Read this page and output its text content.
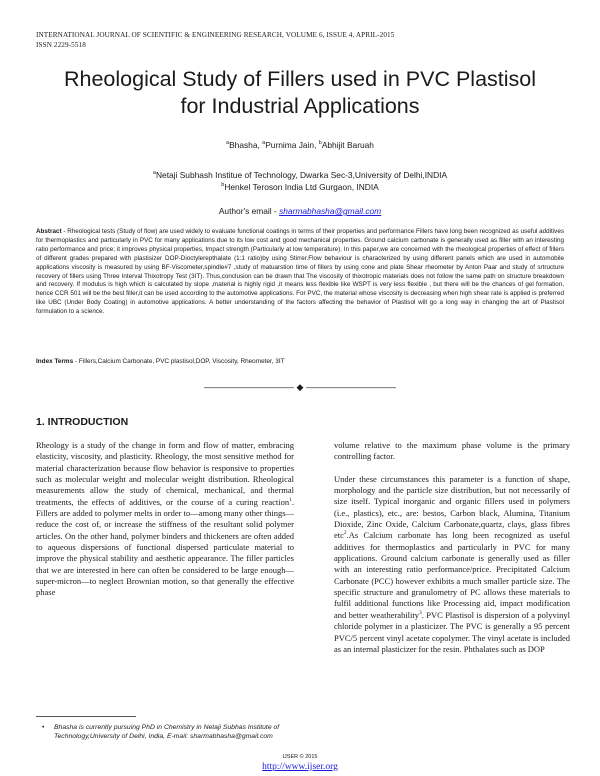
INTERNATIONAL JOURNAL OF SCIENTIFIC & ENGINEERING RESEARCH, VOLUME 6, ISSUE 4, APRIL-2015
ISSN 2229-5518
Rheological Study of Fillers used in PVC Plastisol
for Industrial Applications
$^a$Bhasha, $^a$Purnima Jain, $^b$Abhijit Baruah
$^a$Netaji Subhash Institue of Technology, Dwarka Sec-3,University of Delhi,INDIA
$^b$Henkel Teroson India Ltd Gurgaon, INDIA
Author's email - sharmabhasha@gmail.com
Abstract - Rheological tests (Study of flow) are used widely to evaluate functional coatings in terms of their properties and performance Fillers have long been recognized as useful additives for thermoplastics and particularly in PVC for many applications due to its low cost and good mechanical properties. Ground calcium carbonate is generally used as filler with an interesting ratio performance and price; it improves physical properties, Impact strength (Particularly at low temperature). In this paper,we are concerned with the rheological properties of effect of fillers of different grades prepared with plastisizer DOP-Dioctylerepthalate (1:1 ratio)by using Stirrer.Flow behaviour is characterized by using different panels which are used in automobile applications viscosity is measured by using BF-Viscometer,spindle#7 ,study of matuarstion time of fillers by using cone and plate Shear rheometer by Anton Paar and study of srtructure recovery of fillers using Three Interval Thixotropy Test (3IT). Thus,conclusion can be drawn that The viscosity of thixotropic materials does not follow the same path on structure breakdown and recovery. If modulus is high which is calculated by slope ,material is highly rigid ,it means less flexible like WSPT is very less flexible , but there will be the chances of gel formation, hence CCR 501 will be the best filler,it can be used according to the automotive applications. For PVC, the material whose viscosity is decreasing when high shear rate is applied is preferred like UBC (Under Body Coating) in automotive applications. A better understanding of the factors affecting the behavior of Plastisol will go a long way in changing the art of Plastisol formulation to a science.
Index Terms - Fillers,Calcium Carbonate, PVC plastisol,DOP, Viscosity, Rheometer, 3IT
—————————— ◆ ——————————
1. INTRODUCTION

Rheology is a study of the change in form and flow of matter, embracing elasticity, viscosity, and plasticity. Rheology, the most sensitive method for material characterization because flow behavior is responsive to properties such as molecular weight and molecular weight distribution. Rheological measurements allow the study of chemical, mechanical, and thermal treatments, the effects of additives, or the course of a curing reaction$^1$. Fillers are added to polymer melts in order to—among many other things— reduce the cost of, or increase the stiffness of the resultant solid polymer articles. On the other hand, polymer binders and thickeners are often added to aqueous dispersions of functional dispersed particulate material to improve the physical stability and aesthetic appearance. The filler particles that we are interested in here can often be considered to be large enough—super-micron—to neglect Brownian motion, so that generally the effective phase

volume relative to the maximum phase volume is the primary controlling factor.

Under these circumstances this parameter is a function of shape, morphology and the particle size distribution, but not necessarily of size itself. Typical inorganic and organic fillers used in polymers (i.e., plastics), etc., are: bestos, Carbon black, Alumina, Titanium Dioxide, Zinc Oxide, Calcium Carbonate,quartz, clays, glass fibres etc$^2$.As Calcium carbonate has long been recognized as useful additives for thermoplastics and particularly in PVC for many applications. Ground calcium carbonate is generally used as filler with an interesting ratio performance/price. Precipitated Calcium Carbonate (PCC) however exhibits a much smaller particle size. The specific structure and granulometry of PC allows these materials to fulfil additional functions like Processing aid, impact modification and better weatherability$^3$. PVC Plastisol is dispersion of a polyvinyl chloride polymer in a plasticizer. The PVC is generally a 95 percent PVC/5 percent vinyl acetate copolymer. The vinyl acetate is included as an internal plasticizer for the resin. Phthalates such as DOP

• Bhasha is currently pursuing PhD in Chemistry in Netaji Subhas Institute of Technology,University of Delhi, India, E-mail: sharmabhasha@gmail.com
IJSER © 2015
http://www.ijser.org
